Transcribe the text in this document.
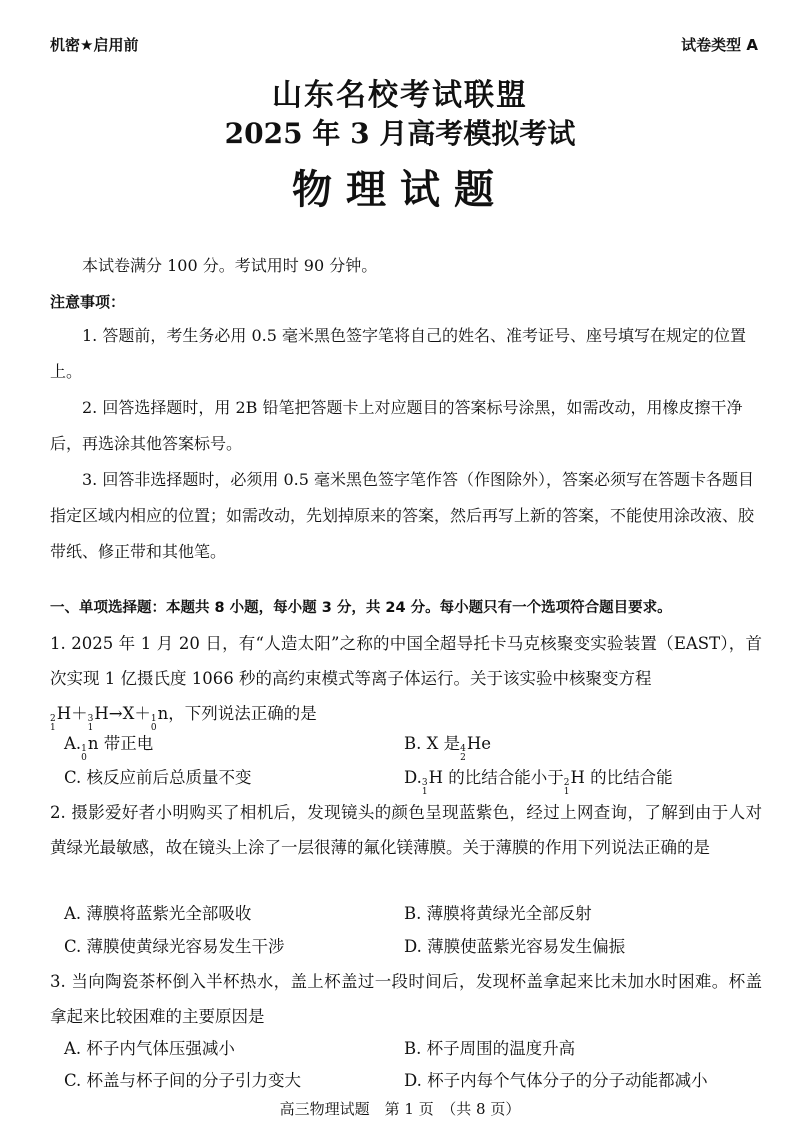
机密★启用前	试卷类型 A
山东名校考试联盟
2025 年 3 月高考模拟考试
物理试题
本试卷满分 100 分。考试用时 90 分钟。
注意事项：
1. 答题前，考生务必用 0.5 毫米黑色签字笔将自己的姓名、准考证号、座号填写在规定的位置上。
2. 回答选择题时，用 2B 铅笔把答题卡上对应题目的答案标号涂黑，如需改动，用橡皮擦干净后，再选涂其他答案标号。
3. 回答非选择题时，必须用 0.5 毫米黑色签字笔作答（作图除外），答案必须写在答题卡各题目指定区域内相应的位置；如需改动，先划掉原来的答案，然后再写上新的答案，不能使用涂改液、胶带纸、修正带和其他笔。
一、单项选择题：本题共 8 小题，每小题 3 分，共 24 分。每小题只有一个选项符合题目要求。
1. 2025 年 1 月 20 日，有“人造太阳”之称的中国全超导托卡马克核聚变实验装置（EAST），首次实现 1 亿摄氏度 1066 秒的高约束模式等离子体运行。关于该实验中核聚变方程

2
1
H＋ 3
1
H→X＋ 1
0
n，下列说法正确的是
A. 1
0
n 带正电	B. X 是 4
2
He
C. 核反应前后总质量不变	D. 3
1
H 的比结合能小于 2
1
H 的比结合能
2. 摄影爱好者小明购买了相机后，发现镜头的颜色呈现蓝紫色，经过上网查询，了解到由于人对黄绿光最敏感，故在镜头上涂了一层很薄的氟化镁薄膜。关于薄膜的作用下列说法正确的是
A. 薄膜将蓝紫光全部吸收	B. 薄膜将黄绿光全部反射
C. 薄膜使黄绿光容易发生干涉	D. 薄膜使蓝紫光容易发生偏振
3. 当向陶瓷茶杯倒入半杯热水，盖上杯盖过一段时间后，发现杯盖拿起来比未加水时困难。杯盖拿起来比较困难的主要原因是
A. 杯子内气体压强减小	B. 杯子周围的温度升高
C. 杯盖与杯子间的分子引力变大	D. 杯子内每个气体分子的分子动能都减小
高三物理试题　第 1 页　（共 8 页）
